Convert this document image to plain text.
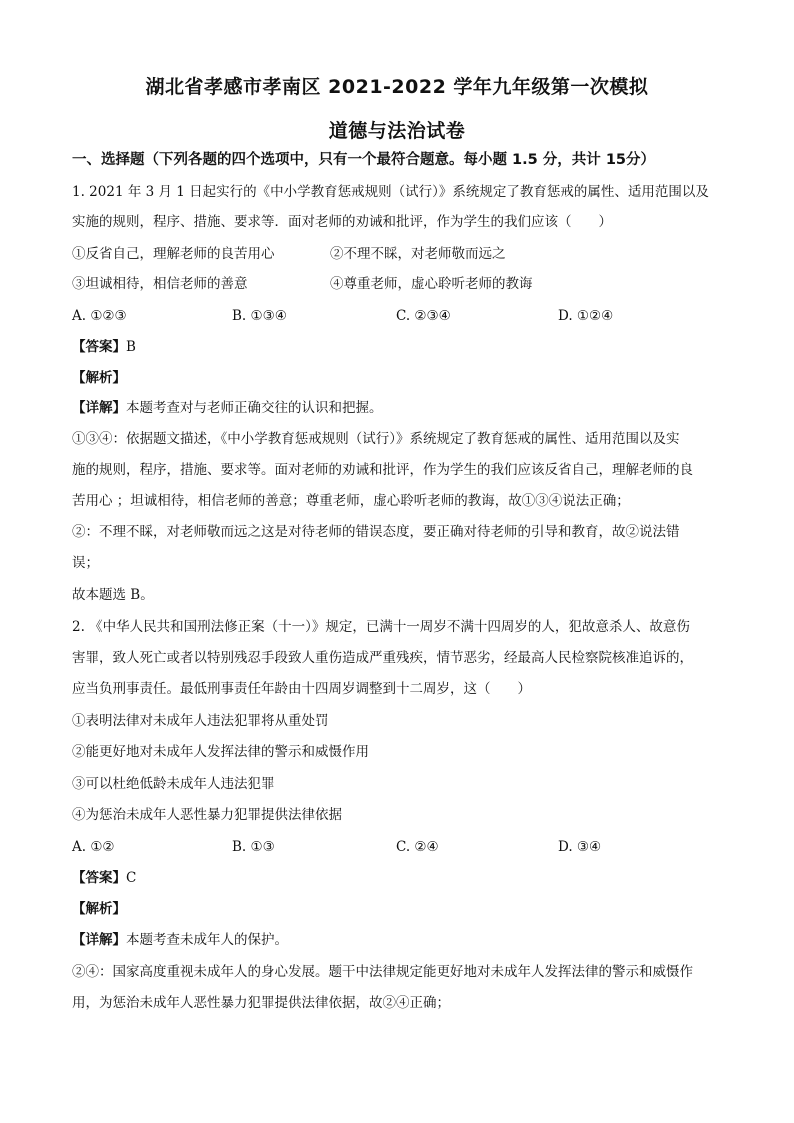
湖北省孝感市孝南区 2021-2022 学年九年级第一次模拟
道德与法治试卷
一、选择题（下列各题的四个选项中，只有一个最符合题意。每小题 1.5 分，共计 15分）
1. 2021 年 3 月 1 日起实行的《中小学教育惩戒规则（试行）》系统规定了教育惩戒的属性、适用范围以及
实施的规则，程序、措施、要求等．面对老师的劝诫和批评，作为学生的我们应该（　　）
①反省自己，理解老师的良苦用心	②不理不睬，对老师敬而远之
③坦诚相待，相信老师的善意	④尊重老师，虚心聆听老师的教诲
A. ①②③	B. ①③④	C. ②③④	D. ①②④
【答案】B
【解析】
【详解】本题考查对与老师正确交往的认识和把握。
①③④：依据题文描述，《中小学教育惩戒规则（试行）》系统规定了教育惩戒的属性、适用范围以及实
施的规则，程序，措施、要求等。面对老师的劝诫和批评，作为学生的我们应该反省自己，理解老师的良
苦用心 ；坦诚相待，相信老师的善意；尊重老师，虚心聆听老师的教诲，故①③④说法正确；
②：不理不睬，对老师敬而远之这是对待老师的错误态度，要正确对待老师的引导和教育，故②说法错
误；
故本题选 B。
2. 《中华人民共和国刑法修正案（十一）》规定，已满十一周岁不满十四周岁的人，犯故意杀人、故意伤
害罪，致人死亡或者以特别残忍手段致人重伤造成严重残疾，情节恶劣，经最高人民检察院核准追诉的，
应当负刑事责任。最低刑事责任年龄由十四周岁调整到十二周岁，这（　　）
①表明法律对未成年人违法犯罪将从重处罚
②能更好地对未成年人发挥法律的警示和威慑作用
③可以杜绝低龄未成年人违法犯罪
④为惩治未成年人恶性暴力犯罪提供法律依据
A. ①②	B. ①③	C. ②④	D. ③④
【答案】C
【解析】
【详解】本题考查未成年人的保护。
②④：国家高度重视未成年人的身心发展。题干中法律规定能更好地对未成年人发挥法律的警示和威慑作
用，为惩治未成年人恶性暴力犯罪提供法律依据，故②④正确；
